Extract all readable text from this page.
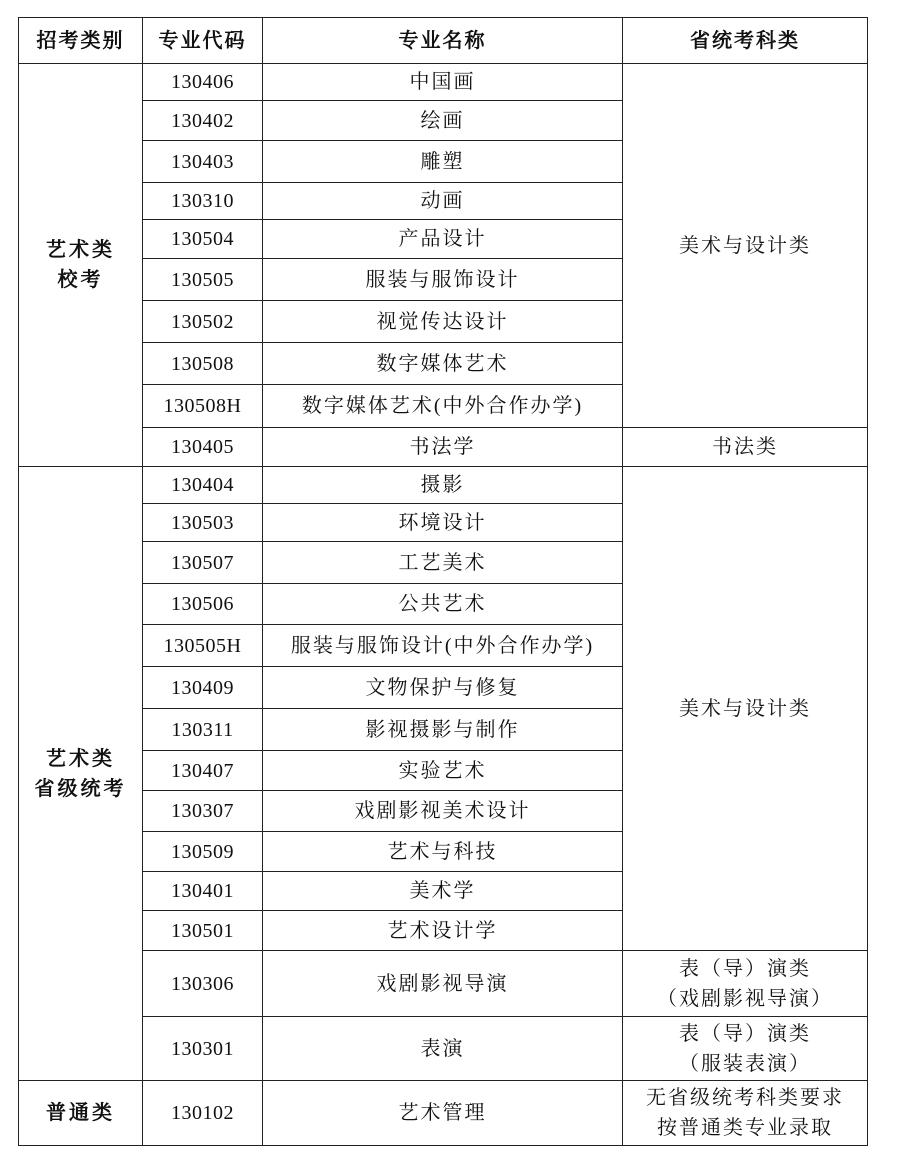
招考类别	专业代码	专业名称	省统考科类

艺术类
校考	130406	中国画	美术与设计类
	130402	绘画	
	130403	雕塑	
	130310	动画	
	130504	产品设计	
	130505	服装与服饰设计	
	130502	视觉传达设计	
	130508	数字媒体艺术	
	130508H	数字媒体艺术(中外合作办学)	
	130405	书法学	书法类

艺术类
省级统考	130404	摄影	美术与设计类
	130503	环境设计	
	130507	工艺美术	
	130506	公共艺术	
	130505H	服装与服饰设计(中外合作办学)	
	130409	文物保护与修复	
	130311	影视摄影与制作	
	130407	实验艺术	
	130307	戏剧影视美术设计	
	130509	艺术与科技	
	130401	美术学	
	130501	艺术设计学	
	130306	戏剧影视导演	表（导）演类
（戏剧影视导演）

	130301	表演	表（导）演类
（服装表演）

普通类	130102	艺术管理	无省级统考科类要求
按普通类专业录取
